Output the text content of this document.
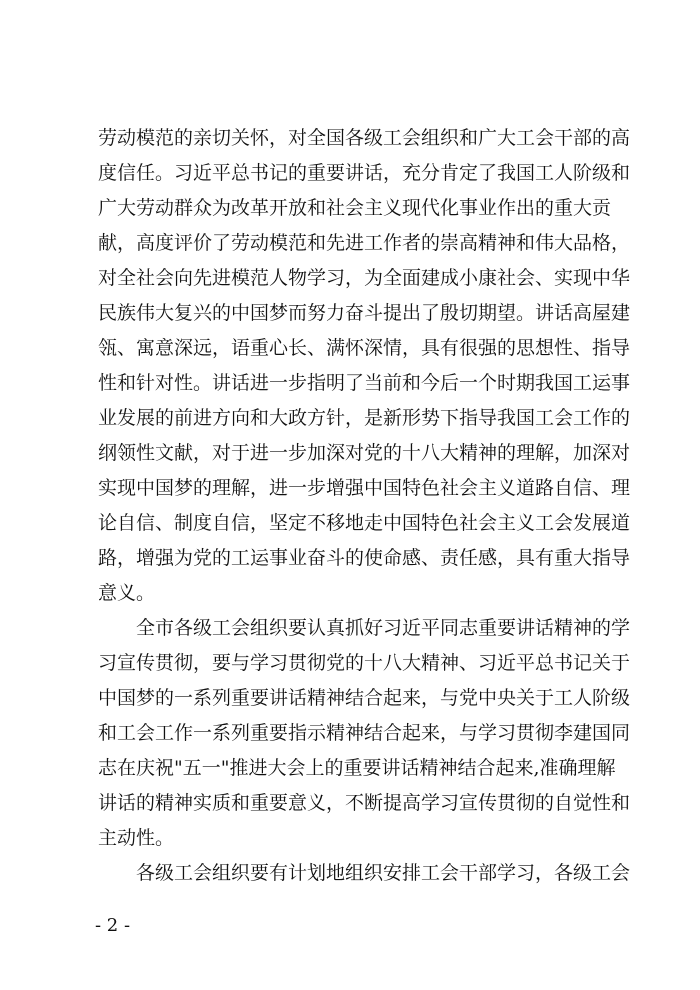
劳动模范的亲切关怀，对全国各级工会组织和广大工会干部的高
度信任。习近平总书记的重要讲话，充分肯定了我国工人阶级和
广大劳动群众为改革开放和社会主义现代化事业作出的重大贡
献，高度评价了劳动模范和先进工作者的崇高精神和伟大品格，
对全社会向先进模范人物学习，为全面建成小康社会、实现中华
民族伟大复兴的中国梦而努力奋斗提出了殷切期望。讲话高屋建
瓴、寓意深远，语重心长、满怀深情，具有很强的思想性、指导
性和针对性。讲话进一步指明了当前和今后一个时期我国工运事
业发展的前进方向和大政方针，是新形势下指导我国工会工作的
纲领性文献，对于进一步加深对党的十八大精神的理解，加深对
实现中国梦的理解，进一步增强中国特色社会主义道路自信、理
论自信、制度自信，坚定不移地走中国特色社会主义工会发展道
路，增强为党的工运事业奋斗的使命感、责任感，具有重大指导
意义。
全市各级工会组织要认真抓好习近平同志重要讲话精神的学
习宣传贯彻，要与学习贯彻党的十八大精神、习近平总书记关于
中国梦的一系列重要讲话精神结合起来，与党中央关于工人阶级
和工会工作一系列重要指示精神结合起来，与学习贯彻李建国同
志在庆祝"五一"推进大会上的重要讲话精神结合起来,准确理解
讲话的精神实质和重要意义，不断提高学习宣传贯彻的自觉性和
主动性。
各级工会组织要有计划地组织安排工会干部学习，各级工会
- 2 -
